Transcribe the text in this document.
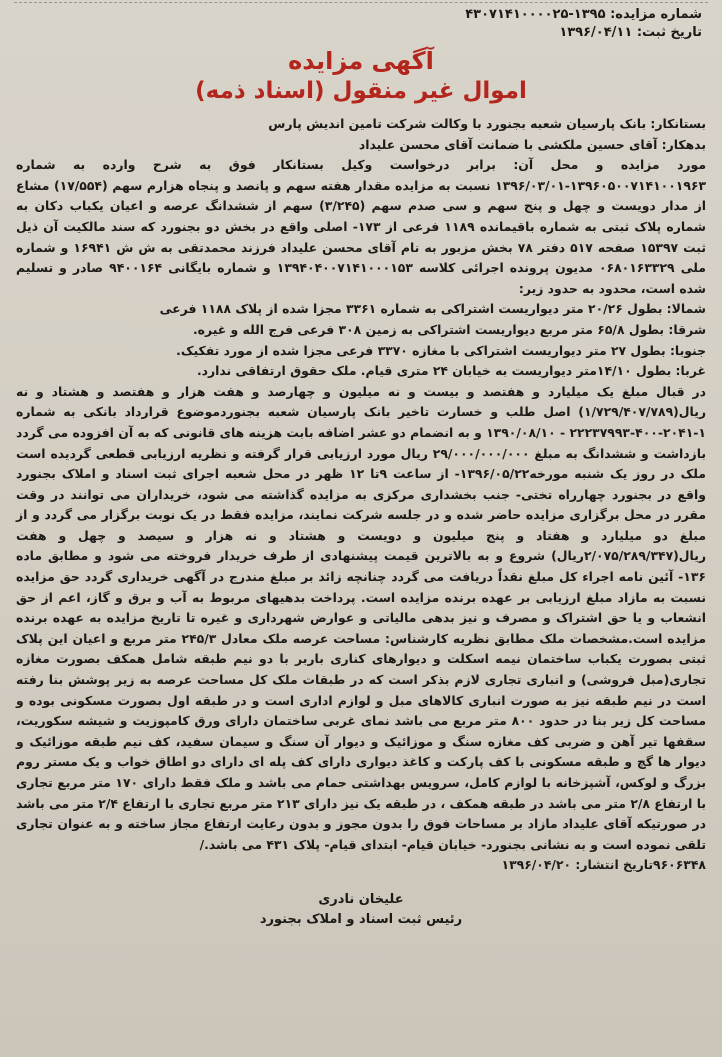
شماره مزایده: ۱۳۹۵-۴۳۰۷۱۴۱۰۰۰۰۲۵
تاریخ ثبت: ۱۳۹۶/۰۴/۱۱
آگهی مزایده
اموال غیر منقول (اسناد ذمه)

بستانکار: بانک پارسیان شعبه بجنورد با وکالت شرکت تامین اندیش پارس

بدهکار: آقای حسین ملکشی با ضمانت آقای محسن علیداد

مورد مزایده و محل آن: برابر درخواست وکیل بستانکار فوق به شرح وارده به شماره ۱۳۹۶۰۵۰۰۷۱۴۱۰۰۱۹۶۳-۱۳۹۶/۰۳/۰۱ نسبت به مزایده مقدار هفته سهم و پانصد و پنجاه هزارم سهم (۱۷/۵۵۴) مشاع از مدار دویست و چهل و پنج سهم و سی صدم سهم (۳/۲۴۵) سهم از ششدانگ عرصه و اعیان یکباب دکان به شماره پلاک ثبتی به شماره باقیمانده ۱۱۸۹ فرعی از ۱۷۳- اصلی واقع در بخش دو بجنورد که سند مالکیت آن ذیل ثبت ۱۵۳۹۷ صفحه ۵۱۷ دفتر ۷۸ بخش مزبور به نام آقای محسن علیداد فرزند محمدتقی به ش ش ۱۶۹۴۱ و شماره ملی ۰۶۸۰۱۶۳۳۲۹ مدیون پرونده اجرائی کلاسه ۱۳۹۴۰۴۰۰۷۱۴۱۰۰۰۱۵۳ و شماره بایگانی ۹۴۰۰۱۶۴ صادر و تسلیم شده است، محدود به حدود زیر:

شمالا: بطول ۲۰/۲۶ متر دیواریست اشتراکی به شماره ۳۳۶۱ مجزا شده از پلاک ۱۱۸۸ فرعی

شرقا: بطول ۶۵/۸ متر مربع دیواریست اشتراکی به زمین ۳۰۸ فرعی فرج الله و غیره.

جنوبا: بطول ۲۷ متر دیواریست اشتراکی با مغازه ۳۳۷۰ فرعی مجزا شده از مورد تفکیک.

غربا: بطول ۱۴/۱۰متر دیواریست به خیابان ۲۴ متری قیام. ملک حقوق ارتفاقی ندارد.

در قبال مبلغ یک میلیارد و هفتصد و بیست و نه میلیون و چهارصد و هفت هزار و هفتصد و هشتاد و نه ریال(۱/۷۲۹/۴۰۷/۷۸۹) اصل طلب و خسارت تاخیر بانک پارسیان شعبه بجنوردموضوع قرارداد بانکی به شماره ۱-۲۰۴۱-۴۰۰-۲۲۲۳۷۹۹۳ - ۱۳۹۰/۰۸/۱۰ و به انضمام دو عشر اضافه بابت هزینه های قانونی که به آن افزوده می گردد بازداشت و ششدانگ به مبلغ ۲۹/۰۰۰/۰۰۰/۰۰۰ ریال مورد ارزیابی قرار گرفته و نظریه ارزیابی قطعی گردیده است ملک در روز یک شنبه مورخه۱۳۹۶/۰۵/۲۲- از ساعت ۹تا ۱۲ ظهر در محل شعبه اجرای ثبت اسناد و املاک بجنورد واقع در بجنورد چهارراه تختی- جنب بخشداری مرکزی به مزایده گذاشته می شود، خریداران می توانند در وقت مقرر در محل برگزاری مزایده حاضر شده و در جلسه شرکت نمایند، مزایده فقط در یک نوبت برگزار می گردد و از مبلغ دو میلیارد و هفتاد و پنج میلیون و دویست و هشتاد و نه هزار و سیصد و چهل و هفت ریال(۲/۰۷۵/۲۸۹/۳۴۷ریال) شروع و به بالاترین قیمت پیشنهادی از طرف خریدار فروخته می شود و مطابق ماده ۱۳۶- آئین نامه اجراء کل مبلغ نقداً دریافت می گردد چنانچه زائد بر مبلغ مندرج در آگهی خریداری گردد حق مزایده نسبت به مازاد مبلغ ارزیابی بر عهده برنده مزایده است. پرداخت بدهیهای مربوط به آب و برق و گاز، اعم از حق انشعاب و یا حق اشتراک و مصرف و نیز بدهی مالیاتی و عوارض شهرداری و غیره تا تاریخ مزایده به عهده برنده مزایده است.مشخصات ملک مطابق نظریه کارشناس: مساحت عرصه ملک معادل ۲۴۵/۳ متر مربع و اعیان این پلاک ثبتی بصورت یکباب ساختمان نیمه اسکلت و دیوارهای کناری باربر با دو نیم طبقه شامل همکف بصورت مغازه تجاری(مبل فروشی) و انباری تجاری لازم بذکر است که در طبقات ملک کل مساحت عرصه به زیر پوشش بنا رفته است در نیم طبقه نیز به صورت انباری کالاهای مبل و لوازم اداری است و در طبقه اول بصورت مسکونی بوده و مساحت کل زیر بنا در حدود ۸۰۰ متر مربع می باشد نمای غربی ساختمان دارای ورق کامپوزیت و شیشه سکوریت، سقفها تیر آهن و ضربی کف مغازه سنگ و موزائیک و دیوار آن سنگ و سیمان سفید، کف نیم طبقه موزائیک و دیوار ها گچ و طبقه مسکونی با کف پارکت و کاغذ دیواری دارای کف پله ای دارای دو اطاق خواب و یک مستر روم بزرگ و لوکس، آشپزخانه با لوازم کامل، سرویس بهداشتی حمام می باشد و ملک فقط دارای ۱۷۰ متر مربع تجاری با ارتفاع ۲/۸ متر می باشد در طبقه همکف ، در طبقه یک نیز دارای ۲۱۳ متر مربع تجاری با ارتفاع ۲/۴ متر می باشد در صورتیکه آقای علیداد مازاد بر مساحات فوق را بدون مجوز و بدون رعایت ارتفاع مجاز ساخته و به عنوان تجاری تلقی نموده است و به نشانی بجنورد- خیابان قیام- ابتدای قیام- پلاک ۴۳۱ می باشد./

۹۶۰۶۳۴۸تاریخ انتشار: ۱۳۹۶/۰۴/۲۰

علیخان نادری
رئیس ثبت اسناد و املاک بجنورد
